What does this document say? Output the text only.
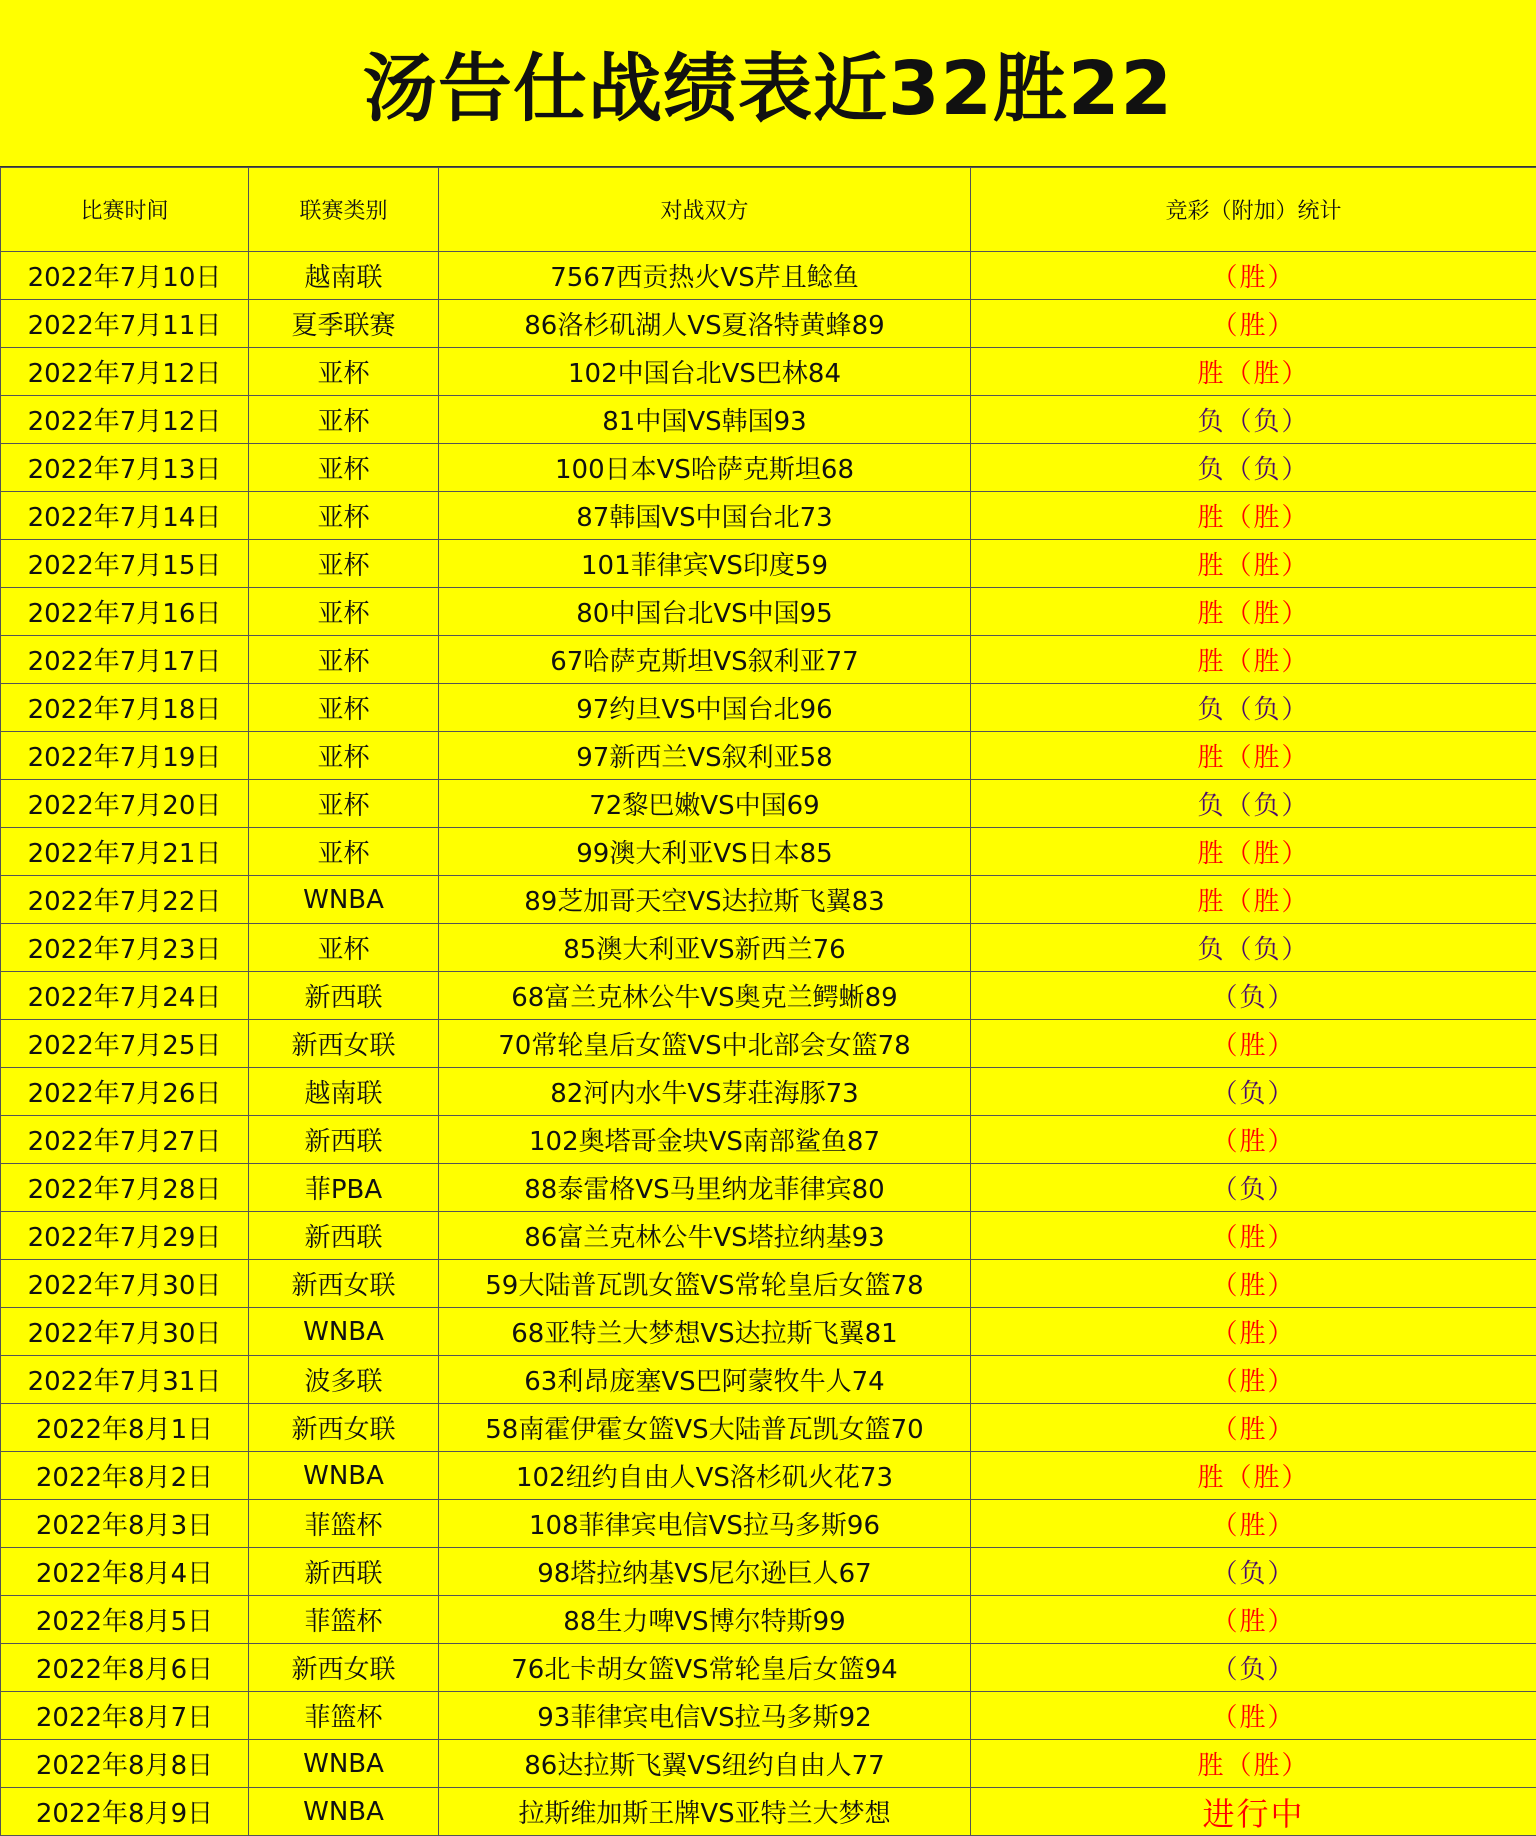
汤告仕战绩表近32胜22
比赛时间	联赛类别	对战双方	竞彩（附加）统计
2022年7月10日	越南联	7567西贡热火VS芹且鲶鱼	（胜）
2022年7月11日	夏季联赛	86洛杉矶湖人VS夏洛特黄蜂89	（胜）
2022年7月12日	亚杯	102中国台北VS巴林84	胜（胜）
2022年7月12日	亚杯	81中国VS韩国93	负（负）
2022年7月13日	亚杯	100日本VS哈萨克斯坦68	负（负）
2022年7月14日	亚杯	87韩国VS中国台北73	胜（胜）
2022年7月15日	亚杯	101菲律宾VS印度59	胜（胜）
2022年7月16日	亚杯	80中国台北VS中国95	胜（胜）
2022年7月17日	亚杯	67哈萨克斯坦VS叙利亚77	胜（胜）
2022年7月18日	亚杯	97约旦VS中国台北96	负（负）
2022年7月19日	亚杯	97新西兰VS叙利亚58	胜（胜）
2022年7月20日	亚杯	72黎巴嫩VS中国69	负（负）
2022年7月21日	亚杯	99澳大利亚VS日本85	胜（胜）
2022年7月22日	WNBA	89芝加哥天空VS达拉斯飞翼83	胜（胜）
2022年7月23日	亚杯	85澳大利亚VS新西兰76	负（负）
2022年7月24日	新西联	68富兰克林公牛VS奥克兰鳄蜥89	（负）
2022年7月25日	新西女联	70常轮皇后女篮VS中北部会女篮78	（胜）
2022年7月26日	越南联	82河内水牛VS芽荘海豚73	（负）
2022年7月27日	新西联	102奥塔哥金块VS南部鲨鱼87	（胜）
2022年7月28日	菲PBA	88泰雷格VS马里纳龙菲律宾80	（负）
2022年7月29日	新西联	86富兰克林公牛VS塔拉纳基93	（胜）
2022年7月30日	新西女联	59大陆普瓦凯女篮VS常轮皇后女篮78	（胜）
2022年7月30日	WNBA	68亚特兰大梦想VS达拉斯飞翼81	（胜）
2022年7月31日	波多联	63利昂庞塞VS巴阿蒙牧牛人74	（胜）
2022年8月1日	新西女联	58南霍伊霍女篮VS大陆普瓦凯女篮70	（胜）
2022年8月2日	WNBA	102纽约自由人VS洛杉矶火花73	胜（胜）
2022年8月3日	菲篮杯	108菲律宾电信VS拉马多斯96	（胜）
2022年8月4日	新西联	98塔拉纳基VS尼尔逊巨人67	（负）
2022年8月5日	菲篮杯	88生力啤VS博尔特斯99	（胜）
2022年8月6日	新西女联	76北卡胡女篮VS常轮皇后女篮94	（负）
2022年8月7日	菲篮杯	93菲律宾电信VS拉马多斯92	（胜）
2022年8月8日	WNBA	86达拉斯飞翼VS纽约自由人77	胜（胜）
2022年8月9日	WNBA	拉斯维加斯王牌VS亚特兰大梦想	进行中
